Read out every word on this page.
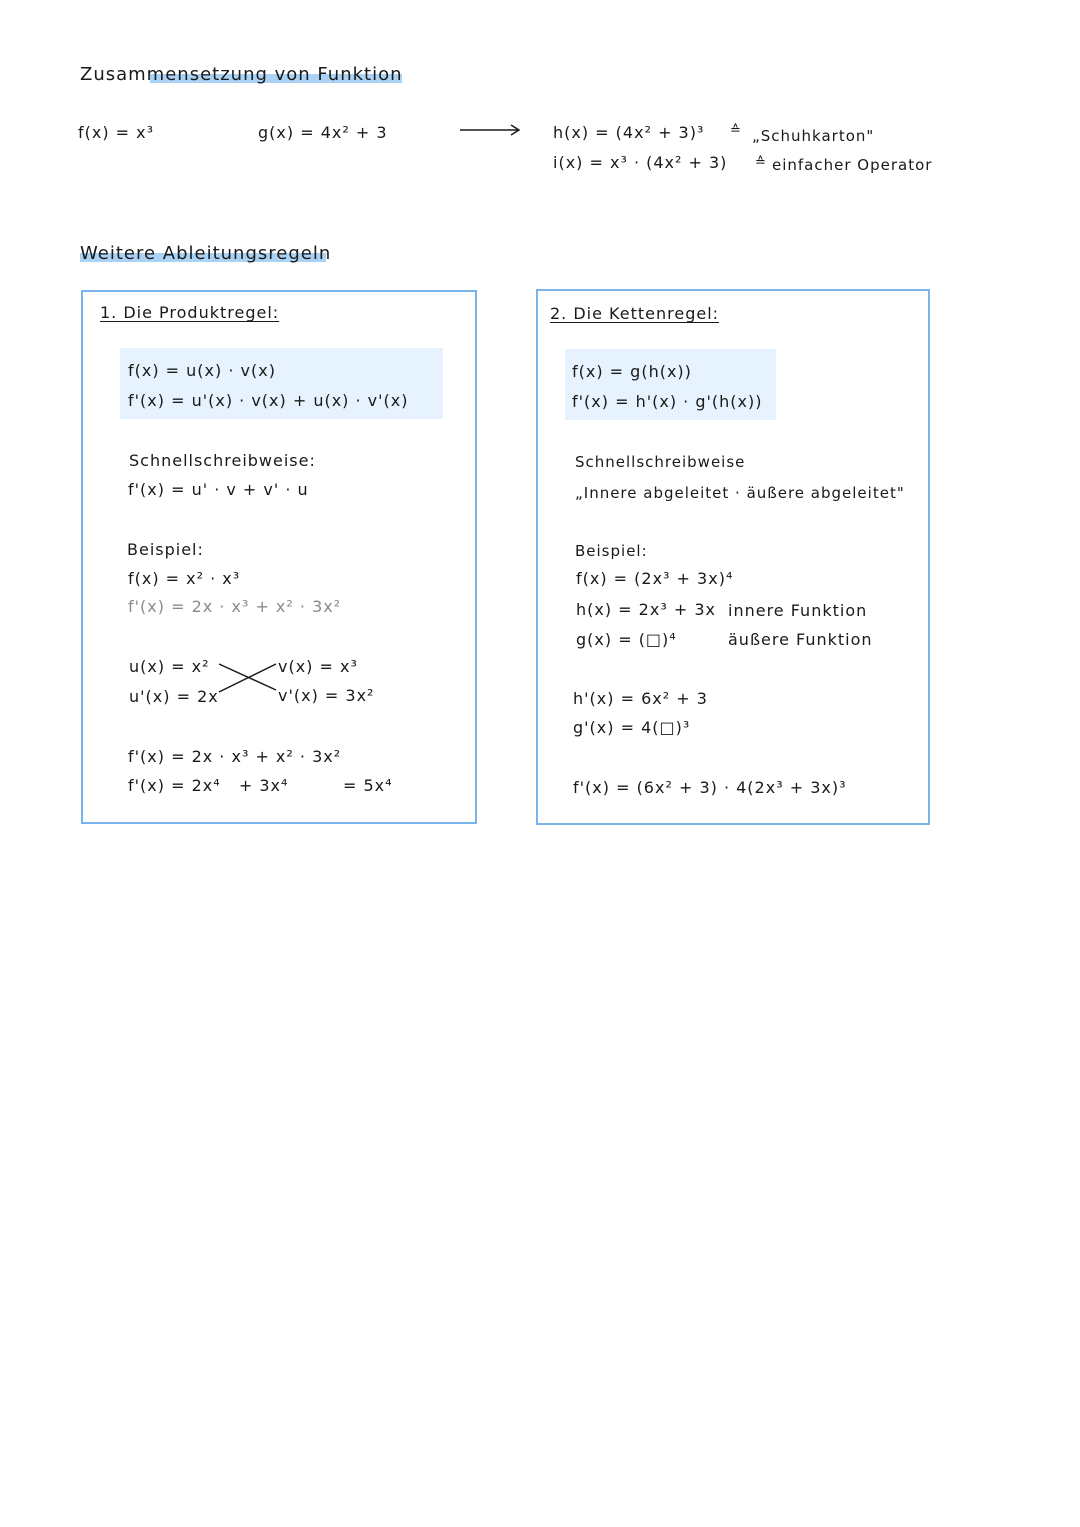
Zusammensetzung von Funktion
f(x) = x³	g(x) = 4x² + 3	h(x) = (4x² + 3)³ ≙ „Schuhkarton"
i(x) = x³ · (4x² + 3) ≙ einfacher Operator
Weitere Ableitungsregeln
1. Die Produktregel:
f(x) = u(x) · v(x)
f'(x) = u'(x) · v(x) + u(x) · v'(x)
Schnellschreibweise:
f'(x) = u' · v + v' · u
Beispiel:
f(x) = x² · x³
f'(x) = 2x · x³ + x² · 3x²
u(x) = x²
u'(x) = 2x
v(x) = x³
v'(x) = 3x²
f'(x) = 2x · x³ + x² · 3x²
f'(x) = 2x⁴   + 3x⁴	= 5x⁴
2. Die Kettenregel:
f(x) = g(h(x))
f'(x) = h'(x) · g'(h(x))
Schnellschreibweise
„Innere abgeleitet · äußere abgeleitet"
Beispiel:
f(x) = (2x³ + 3x)⁴
h(x) = 2x³ + 3x innere Funktion
g(x) = (□)⁴	äußere Funktion
h'(x) = 6x² + 3
g'(x) = 4(□)³
f'(x) = (6x² + 3) · 4(2x³ + 3x)³
